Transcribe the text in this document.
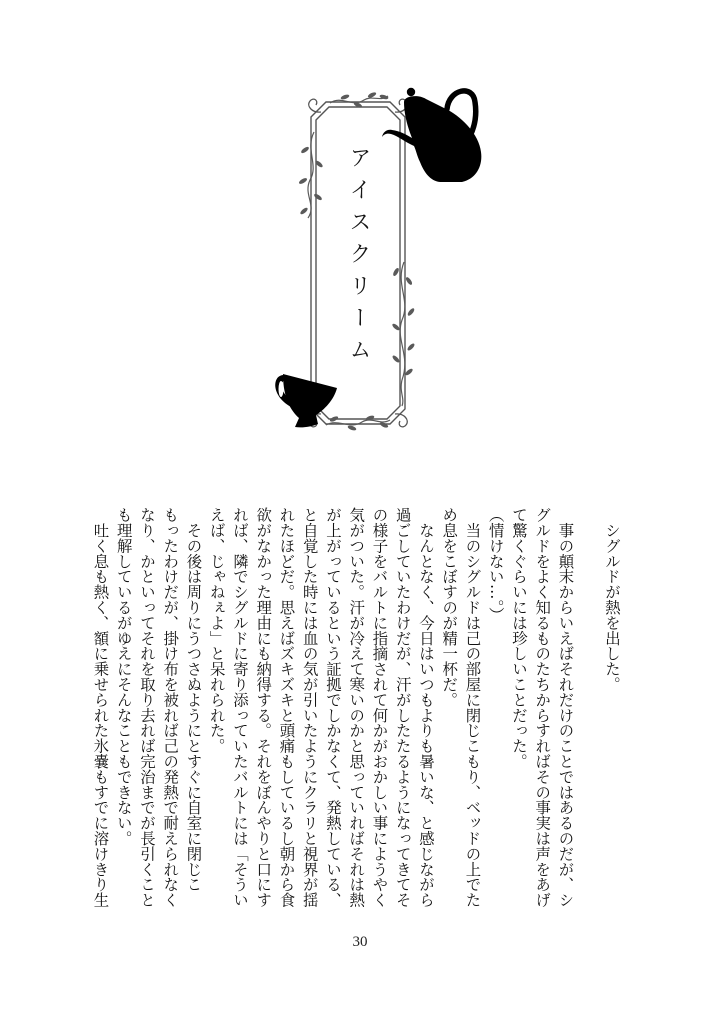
アイスクリーム
　シグルドが熱を出した。
　事の顛末からいえばそれだけのことではあるのだが、シ
グルドをよく知るものたちからすればその事実は声をあげ
て驚くぐらいには珍しいことだった。
（情けない…。）
　当のシグルドは己の部屋に閉じこもり、ベッドの上でた
め息をこぼすのが精一杯だ。
　なんとなく、今日はいつもよりも暑いな、と感じながら
過ごしていたわけだが、汗がしたたるようになってきてそ
の様子をバルトに指摘されて何かがおかしい事にようやく
気がついた。汗が冷えて寒いのかと思っていればそれは熱
が上がっているという証拠でしかなくて、発熱している、
と自覚した時には血の気が引いたようにクラリと視界が揺
れたほどだ。思えばズキズキと頭痛もしているし朝から食
欲がなかった理由にも納得する。それをぼんやりと口にす
れば、隣でシグルドに寄り添っていたバルトには「そうい
えば、じゃねぇよ」と呆れられた。
　その後は周りにうつさぬようにとすぐに自室に閉じこ
もったわけだが、掛け布を被れば己の発熱で耐えられなく
なり、かといってそれを取り去れば完治までが長引くこと
も理解しているがゆえにそんなこともできない。
　吐く息も熱く、額に乗せられた氷嚢もすでに溶けきり生
30
